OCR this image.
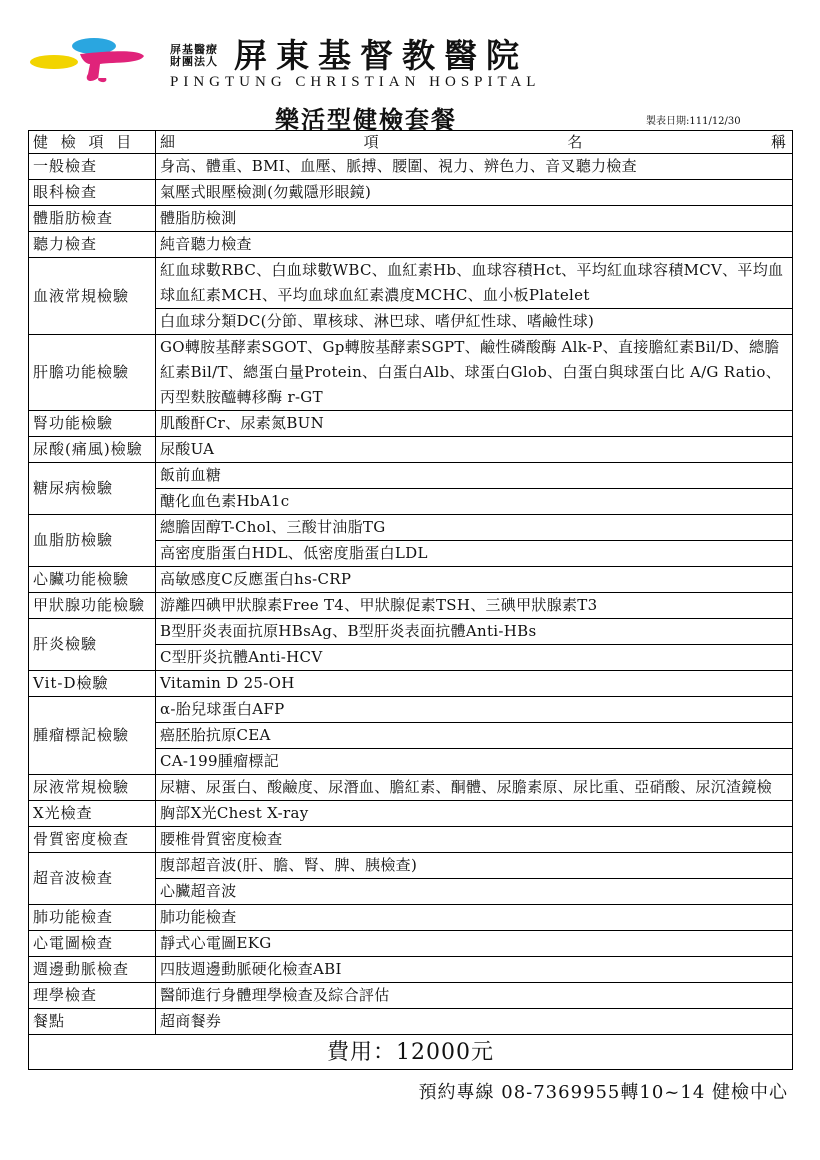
屏基醫療
財團法人 屏東基督教醫院
PINGTUNG CHRISTIAN HOSPITAL
樂活型健檢套餐	製表日期:111/12/30
健 檢 項 目	細 項 名 稱

一般檢查	身高、體重、BMI、血壓、脈搏、腰圍、視力、辨色力、音叉聽力檢查
眼科檢查	氣壓式眼壓檢測(勿戴隱形眼鏡)
體脂肪檢查	體脂肪檢測
聽力檢查	純音聽力檢查
血液常規檢驗	紅血球數RBC、白血球數WBC、血紅素Hb、血球容積Hct、平均紅血球容積MCV、平均血球血紅素MCH、平均血球血紅素濃度MCHC、血小板Platelet
	白血球分類DC(分節、單核球、淋巴球、嗜伊紅性球、嗜鹼性球)
肝膽功能檢驗	GO轉胺基酵素SGOT、Gp轉胺基酵素SGPT、鹼性磷酸酶 Alk-P、直接膽紅素Bil/D、總膽紅素Bil/T、總蛋白量Protein、白蛋白Alb、球蛋白Glob、白蛋白與球蛋白比 A/G Ratio、丙型麩胺醯轉移酶 r-GT
腎功能檢驗	肌酸酐Cr、尿素氮BUN
尿酸(痛風)檢驗	尿酸UA
糖尿病檢驗	飯前血糖
	醣化血色素HbA1c
血脂肪檢驗	總膽固醇T-Chol、三酸甘油脂TG
	高密度脂蛋白HDL、低密度脂蛋白LDL
心臟功能檢驗	高敏感度C反應蛋白hs-CRP
甲狀腺功能檢驗	游離四碘甲狀腺素Free T4、甲狀腺促素TSH、三碘甲狀腺素T3
肝炎檢驗	B型肝炎表面抗原HBsAg、B型肝炎表面抗體Anti-HBs
	C型肝炎抗體Anti-HCV
Vit-D檢驗	Vitamin D 25-OH
腫瘤標記檢驗	α-胎兒球蛋白AFP
	癌胚胎抗原CEA
	CA-199腫瘤標記
尿液常規檢驗	尿糖、尿蛋白、酸鹼度、尿潛血、膽紅素、酮體、尿膽素原、尿比重、亞硝酸、尿沉渣鏡檢
X光檢查	胸部X光Chest X-ray
骨質密度檢查	腰椎骨質密度檢查
超音波檢查	腹部超音波(肝、膽、腎、脾、胰檢查)
	心臟超音波
肺功能檢查	肺功能檢查
心電圖檢查	靜式心電圖EKG
週邊動脈檢查	四肢週邊動脈硬化檢查ABI
理學檢查	醫師進行身體理學檢查及綜合評估
餐點	超商餐券
費用：12000元	
預約專線 08-7369955轉10~14 健檢中心
